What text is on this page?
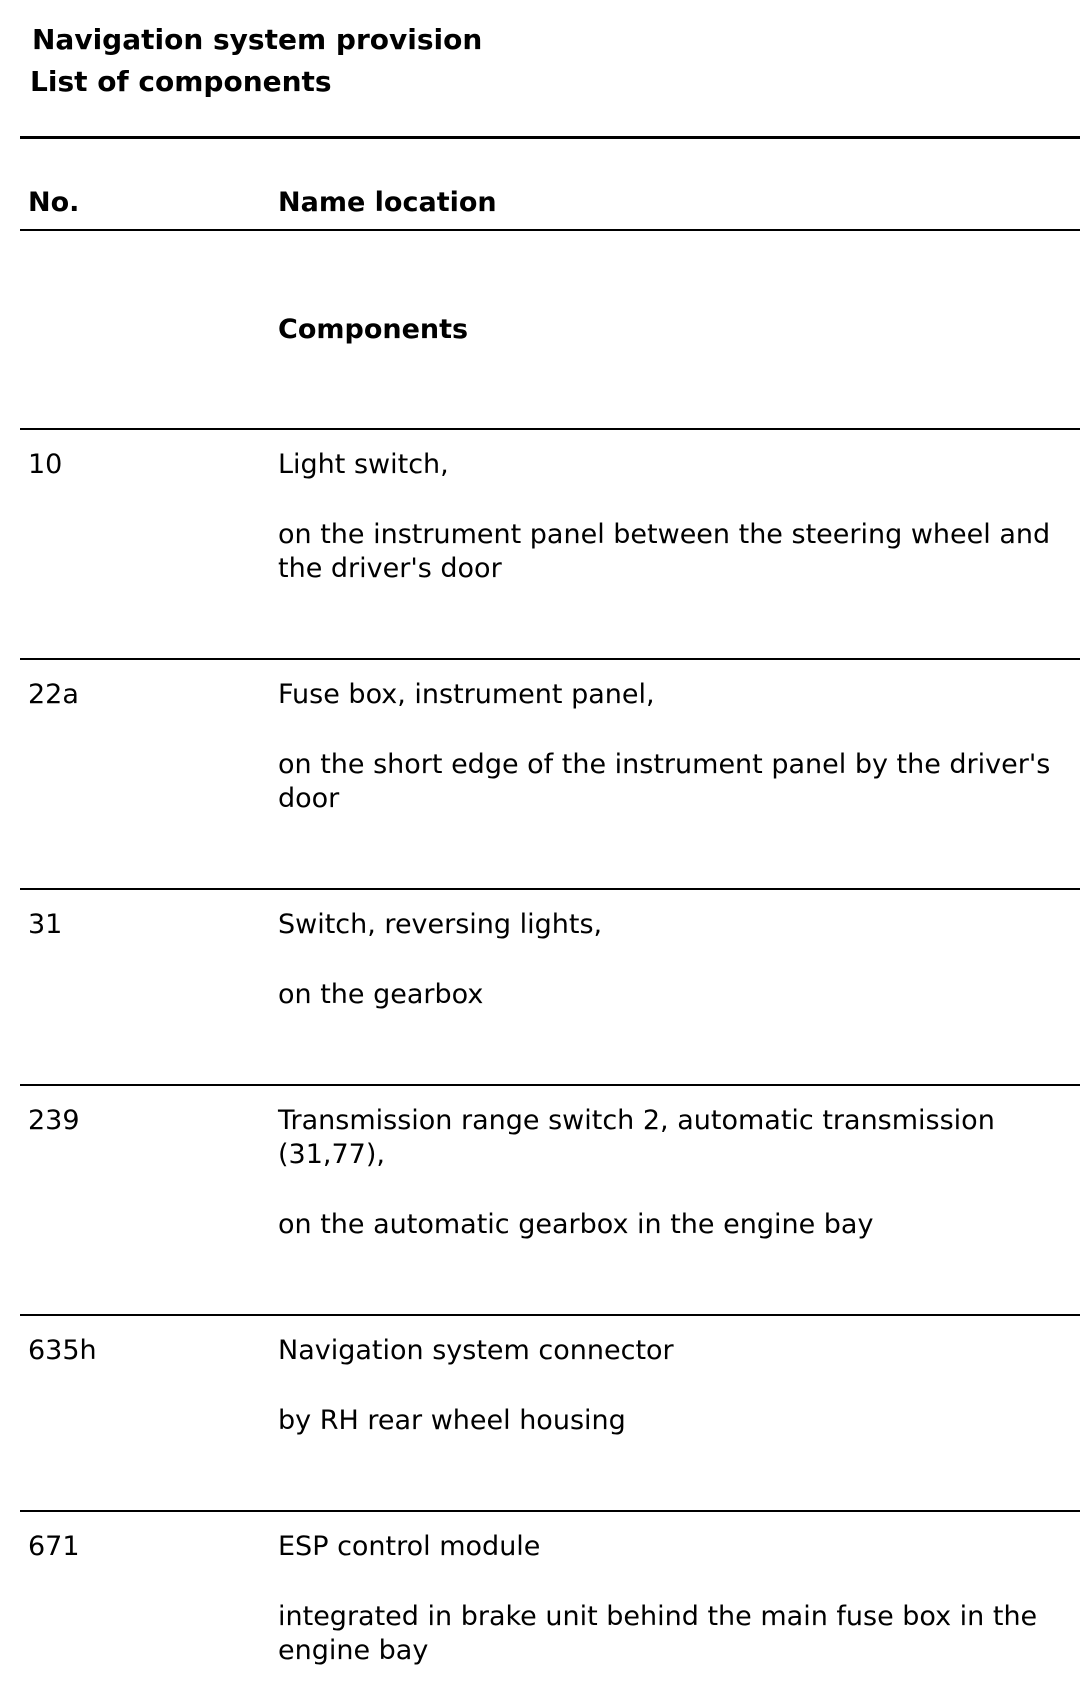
Navigation system provision
List of components
No.	Name location
Components
10	Light switch,
on the instrument panel between the steering wheel and the driver's door
22a	Fuse box, instrument panel,
on the short edge of the instrument panel by the driver's door
31	Switch, reversing lights,
on the gearbox
239	Transmission range switch 2, automatic transmission (31,77),
on the automatic gearbox in the engine bay
635h	Navigation system connector
by RH rear wheel housing
671	ESP control module
integrated in brake unit behind the main fuse box in the engine bay
